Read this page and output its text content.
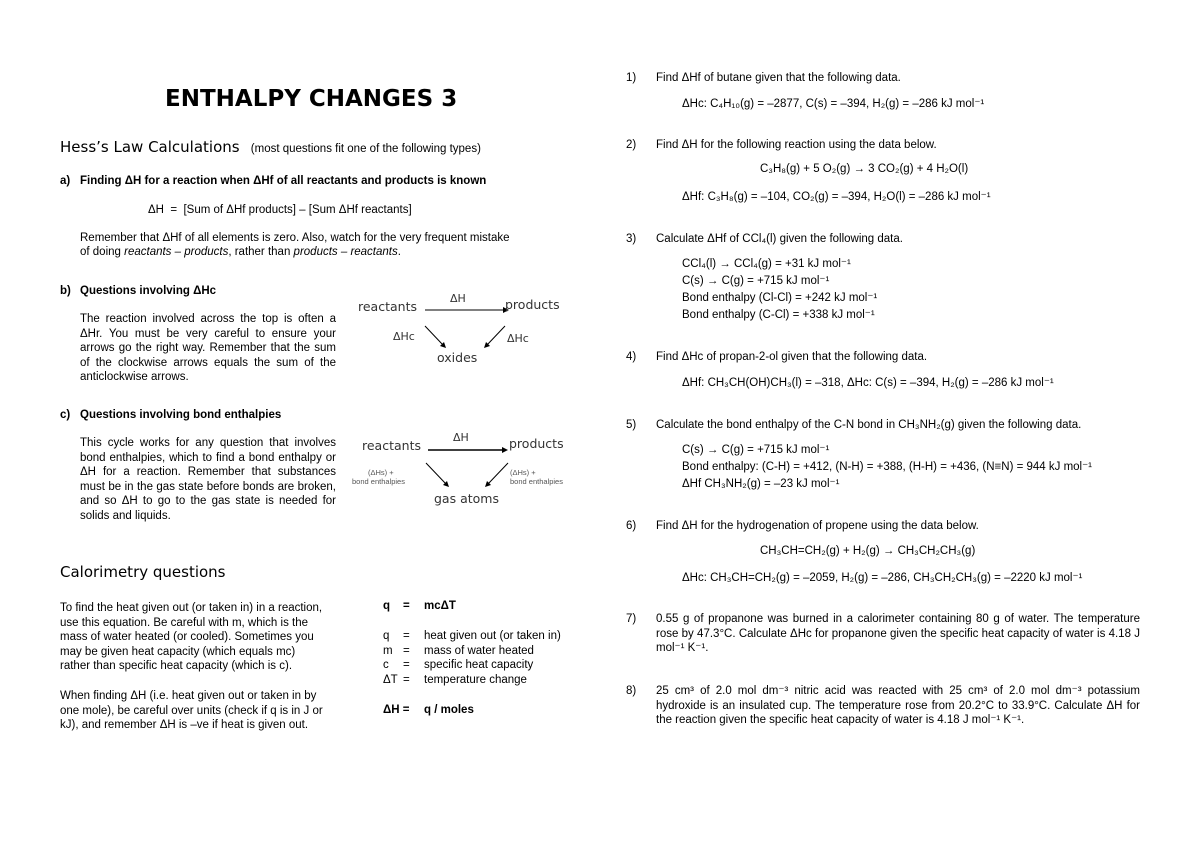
ENTHALPY CHANGES 3
Hess’s Law Calculations (most questions fit one of the following types)
a) Finding ΔH for a reaction when ΔHf of all reactants and products is known
ΔH  =  [Sum of ΔHf products] – [Sum ΔHf reactants]
Remember that ΔHf of all elements is zero. Also, watch for the very frequent mistake
of doing reactants – products, rather than products – reactants.
b) Questions involving ΔHc
The reaction involved across the top is often a ΔHr. You must be very careful to ensure your arrows go the right way. Remember that the sum of the clockwise arrows equals the sum of the anticlockwise arrows.
reactants	products
ΔH
ΔHc	ΔHc
oxides
c) Questions involving bond enthalpies
This cycle works for any question that involves bond enthalpies, which to find a bond enthalpy or ΔH for a reaction. Remember that substances must be in the gas state before bonds are broken, and so ΔH to go to the gas state is needed for solids and liquids.
reactants	products
ΔH
(ΔHs) +
bond enthalpies
(ΔHs) +
bond enthalpies
gas atoms
Calorimetry questions
To find the heat given out (or taken in) in a reaction,
use this equation. Be careful with m, which is the
mass of water heated (or cooled). Sometimes you
may be given heat capacity (which equals mc)
rather than specific heat capacity (which is c).
When finding ΔH (i.e. heat given out or taken in by
one mole), be careful over units (check if q is in J or
kJ), and remember ΔH is –ve if heat is given out.
q = mcΔT
q = heat given out (or taken in)
m = mass of water heated
c = specific heat capacity
ΔT = temperature change
ΔH = q / moles
1) Find ΔHf of butane given that the following data.
ΔHc: C₄H₁₀(g) = –2877, C(s) = –394, H₂(g) = –286 kJ mol⁻¹
2) Find ΔH for the following reaction using the data below.
C₃H₈(g) + 5 O₂(g) → 3 CO₂(g) + 4 H₂O(l)
ΔHf: C₃H₈(g) = –104, CO₂(g) = –394, H₂O(l) = –286 kJ mol⁻¹
3) Calculate ΔHf of CCl₄(l) given the following data.
CCl₄(l) → CCl₄(g) = +31 kJ mol⁻¹
C(s) → C(g) = +715 kJ mol⁻¹
Bond enthalpy (Cl-Cl) = +242 kJ mol⁻¹
Bond enthalpy (C-Cl) = +338 kJ mol⁻¹
4) Find ΔHc of propan-2-ol given that the following data.
ΔHf: CH₃CH(OH)CH₃(l) = –318, ΔHc: C(s) = –394, H₂(g) = –286 kJ mol⁻¹
5) Calculate the bond enthalpy of the C-N bond in CH₃NH₂(g) given the following data.
C(s) → C(g) = +715 kJ mol⁻¹
Bond enthalpy: (C-H) = +412, (N-H) = +388, (H-H) = +436, (N≡N) = 944 kJ mol⁻¹
ΔHf CH₃NH₂(g) = –23 kJ mol⁻¹
6) Find ΔH for the hydrogenation of propene using the data below.
CH₃CH=CH₂(g) + H₂(g) → CH₃CH₂CH₃(g)
ΔHc: CH₃CH=CH₂(g) = –2059, H₂(g) = –286, CH₃CH₂CH₃(g) = –2220 kJ mol⁻¹
7) 0.55 g of propanone was burned in a calorimeter containing 80 g of water. The temperature rose by 47.3°C. Calculate ΔHc for propanone given the specific heat capacity of water is 4.18 J mol⁻¹ K⁻¹.
8) 25 cm³ of 2.0 mol dm⁻³ nitric acid was reacted with 25 cm³ of 2.0 mol dm⁻³ potassium hydroxide is an insulated cup. The temperature rose from 20.2°C to 33.9°C. Calculate ΔH for the reaction given the specific heat capacity of water is 4.18 J mol⁻¹ K⁻¹.
